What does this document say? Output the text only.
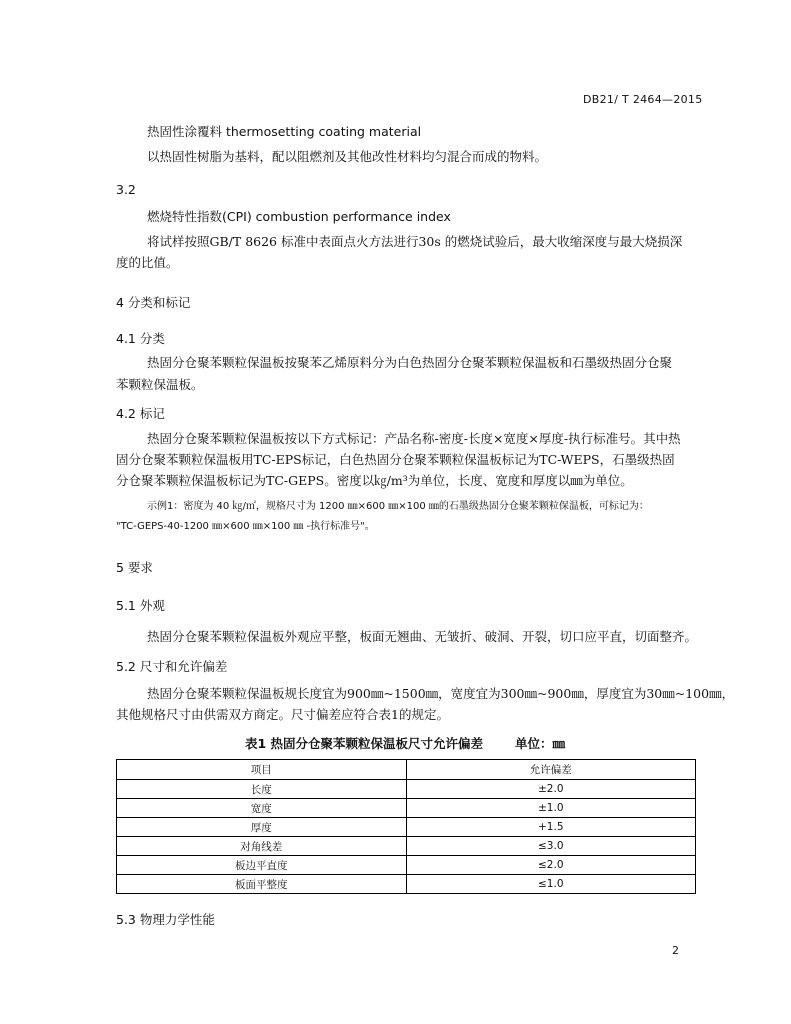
DB21/ T 2464—2015
热固性涂覆料 thermosetting coating material
以热固性树脂为基料，配以阻燃剂及其他改性材料均匀混合而成的物料。
3.2
燃烧特性指数(CPI) combustion performance index
将试样按照GB/T 8626 标准中表面点火方法进行30s 的燃烧试验后，最大收缩深度与最大烧损深
度的比值。
4 分类和标记
4.1 分类
热固分仓聚苯颗粒保温板按聚苯乙烯原料分为白色热固分仓聚苯颗粒保温板和石墨级热固分仓聚
苯颗粒保温板。
4.2 标记
热固分仓聚苯颗粒保温板按以下方式标记：产品名称-密度-长度×宽度×厚度-执行标准号。其中热
固分仓聚苯颗粒保温板用TC-EPS标记，白色热固分仓聚苯颗粒保温板标记为TC-WEPS，石墨级热固
分仓聚苯颗粒保温板标记为TC-GEPS。密度以㎏/m³为单位，长度、宽度和厚度以㎜为单位。
示例1：密度为 40 ㎏/㎡，规格尺寸为 1200 ㎜×600 ㎜×100 ㎜的石墨级热固分仓聚苯颗粒保温板，可标记为：
"TC-GEPS-40-1200 ㎜×600 ㎜×100 ㎜ -执行标准号"。
5 要求
5.1 外观
热固分仓聚苯颗粒保温板外观应平整，板面无翘曲、无皱折、破洞、开裂，切口应平直，切面整齐。
5.2 尺寸和允许偏差
热固分仓聚苯颗粒保温板规长度宜为900㎜~1500㎜，宽度宜为300㎜~900㎜，厚度宜为30㎜~100㎜，
其他规格尺寸由供需双方商定。尺寸偏差应符合表1的规定。
表1 热固分仓聚苯颗粒保温板尺寸允许偏差	单位：㎜
项目	允许偏差
长度	±2.0
宽度	±1.0
厚度	+1.5
对角线差	≤3.0
板边平直度	≤2.0
板面平整度	≤1.0
5.3 物理力学性能
2
